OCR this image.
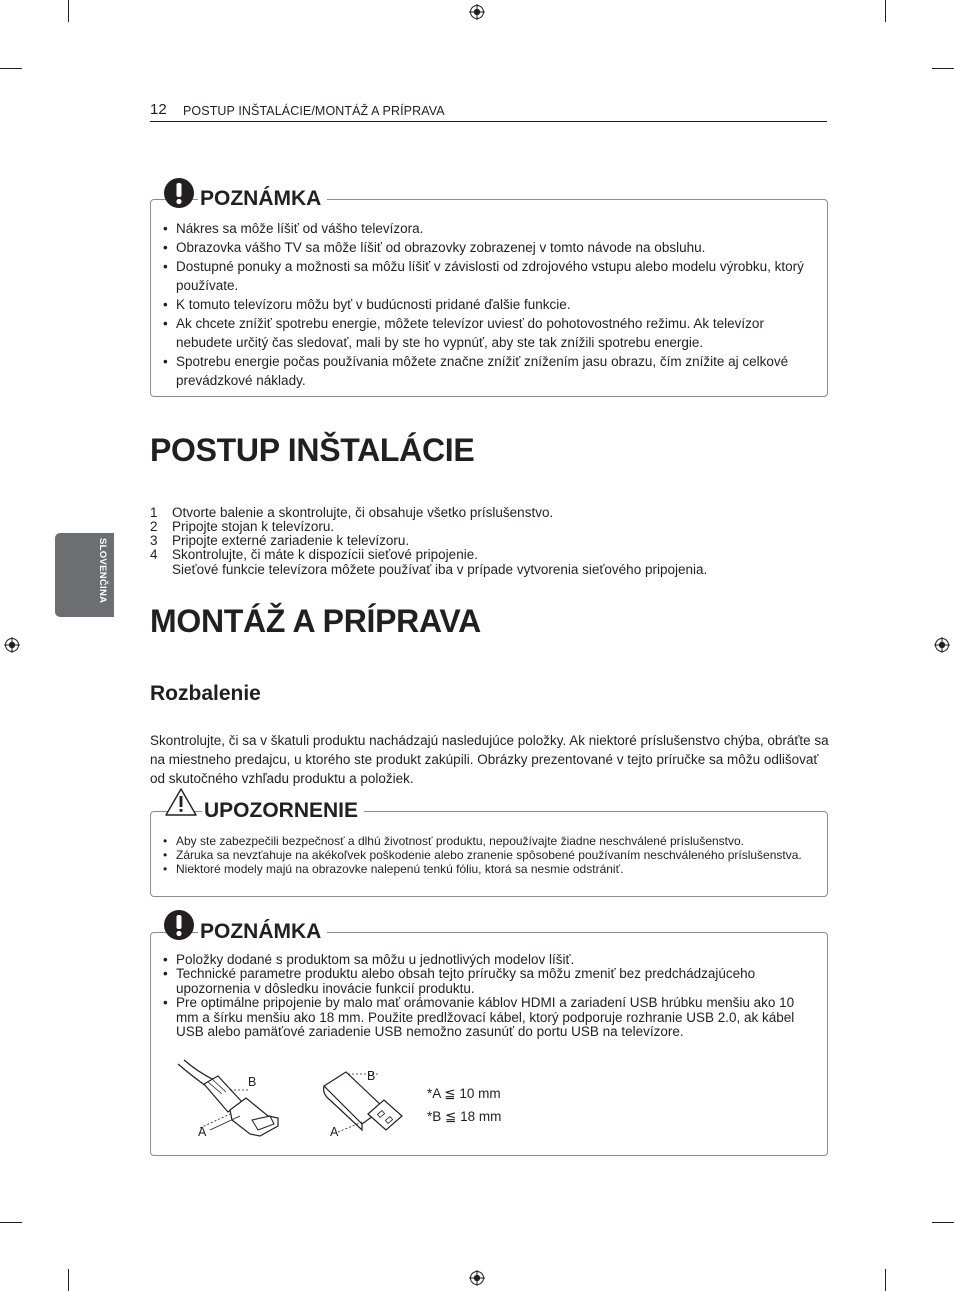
12 POSTUP INŠTALÁCIE/MONTÁŽ A PRÍPRAVA
SLOVENČINA
POZNÁMKA
• Nákres sa môže líšiť od vášho televízora.
• Obrazovka vášho TV sa môže líšiť od obrazovky zobrazenej v tomto návode na obsluhu.
• Dostupné ponuky a možnosti sa môžu líšiť v závislosti od zdrojového vstupu alebo modelu výrobku, ktorý používate.
• K tomuto televízoru môžu byť v budúcnosti pridané ďalšie funkcie.
• Ak chcete znížiť spotrebu energie, môžete televízor uviesť do pohotovostného režimu. Ak televízor nebudete určitý čas sledovať, mali by ste ho vypnúť, aby ste tak znížili spotrebu energie.
• Spotrebu energie počas používania môžete značne znížiť znížením jasu obrazu, čím znížite aj celkové prevádzkové náklady.
POSTUP INŠTALÁCIE
1 Otvorte balenie a skontrolujte, či obsahuje všetko príslušenstvo.
2 Pripojte stojan k televízoru.
3 Pripojte externé zariadenie k televízoru.
4 Skontrolujte, či máte k dispozícii sieťové pripojenie.
Sieťové funkcie televízora môžete používať iba v prípade vytvorenia sieťového pripojenia.
MONTÁŽ A PRÍPRAVA
Rozbalenie
Skontrolujte, či sa v škatuli produktu nachádzajú nasledujúce položky. Ak niektoré príslušenstvo chýba, obráťte sa na miestneho predajcu, u ktorého ste produkt zakúpili. Obrázky prezentované v tejto príručke sa môžu odlišovať od skutočného vzhľadu produktu a položiek.
UPOZORNENIE
• Aby ste zabezpečili bezpečnosť a dlhú životnosť produktu, nepoužívajte žiadne neschválené príslušenstvo.
• Záruka sa nevzťahuje na akékoľvek poškodenie alebo zranenie spôsobené používaním neschváleného príslušenstva.
• Niektoré modely majú na obrazovke nalepenú tenkú fóliu, ktorá sa nesmie odstrániť.
POZNÁMKA
• Položky dodané s produktom sa môžu u jednotlivých modelov líšiť.
• Technické parametre produktu alebo obsah tejto príručky sa môžu zmeniť bez predchádzajúceho upozornenia v dôsledku inovácie funkcií produktu.
• Pre optimálne pripojenie by malo mať orámovanie káblov HDMI a zariadení USB hrúbku menšiu ako 10 mm a šírku menšiu ako 18 mm. Použite predlžovací kábel, ktorý podporuje rozhranie USB 2.0, ak kábel USB alebo pamäťové zariadenie USB nemožno zasunúť do portu USB na televízore.
A
B
A
B
*A ≦ 10 mm
*B ≦ 18 mm
